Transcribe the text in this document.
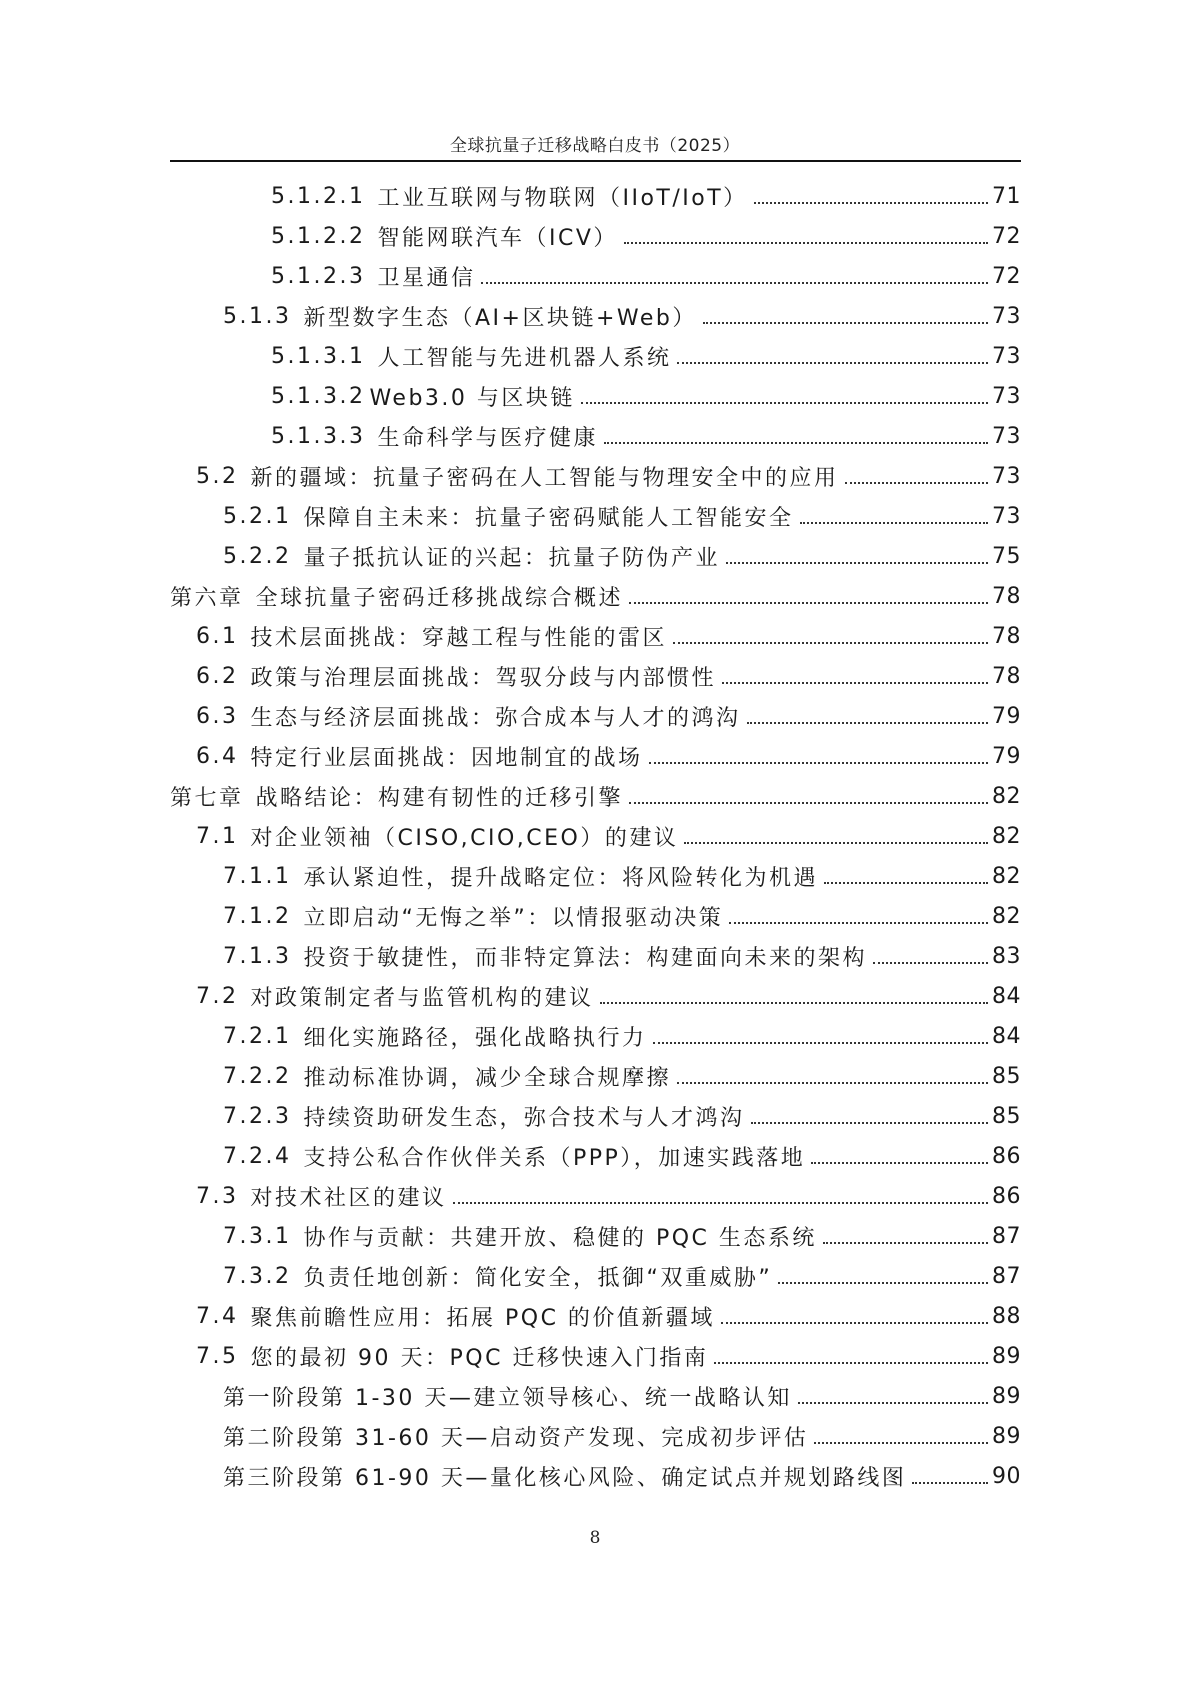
全球抗量子迁移战略白皮书（2025）
5.1.2.1 工业互联网与物联网（IIoT/IoT）	71
5.1.2.2 智能网联汽车（ICV）	72
5.1.2.3 卫星通信	72
5.1.3 新型数字生态（AI+区块链+Web）	73
5.1.3.1 人工智能与先进机器人系统	73
5.1.3.2 Web3.0 与区块链	73
5.1.3.3 生命科学与医疗健康	73
5.2 新的疆域：抗量子密码在人工智能与物理安全中的应用	73
5.2.1 保障自主未来：抗量子密码赋能人工智能安全	73
5.2.2 量子抵抗认证的兴起：抗量子防伪产业	75
第六章 全球抗量子密码迁移挑战综合概述	78
6.1 技术层面挑战：穿越工程与性能的雷区	78
6.2 政策与治理层面挑战：驾驭分歧与内部惯性	78
6.3 生态与经济层面挑战：弥合成本与人才的鸿沟	79
6.4 特定行业层面挑战：因地制宜的战场	79
第七章 战略结论：构建有韧性的迁移引擎	82
7.1 对企业领袖（CISO,CIO,CEO）的建议	82
7.1.1 承认紧迫性，提升战略定位：将风险转化为机遇	82
7.1.2 立即启动“无悔之举”：以情报驱动决策	82
7.1.3 投资于敏捷性，而非特定算法：构建面向未来的架构	83
7.2 对政策制定者与监管机构的建议	84
7.2.1 细化实施路径，强化战略执行力	84
7.2.2 推动标准协调，减少全球合规摩擦	85
7.2.3 持续资助研发生态，弥合技术与人才鸿沟	85
7.2.4 支持公私合作伙伴关系（PPP），加速实践落地	86
7.3 对技术社区的建议	86
7.3.1 协作与贡献：共建开放、稳健的 PQC 生态系统	87
7.3.2 负责任地创新：简化安全，抵御“双重威胁”	87
7.4 聚焦前瞻性应用：拓展 PQC 的价值新疆域	88
7.5 您的最初 90 天：PQC 迁移快速入门指南	89
第一阶段第 1-30 天—建立领导核心、统一战略认知	89
第二阶段第 31-60 天—启动资产发现、完成初步评估	89
第三阶段第 61-90 天—量化核心风险、确定试点并规划路线图	90
8
